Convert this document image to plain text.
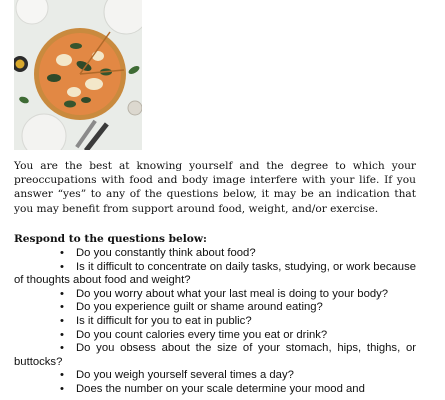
You are the best at knowing yourself and the degree to which your preoccupations with food and body image interfere with your life. If you answer “yes” to any of the questions below, it may be an indication that you may benefit from support around food, weight, and/or exercise.

Respond to the questions below:

• Do you constantly think about food?
• Is it difficult to concentrate on daily tasks, studying, or work because of thoughts about food and weight?
• Do you worry about what your last meal is doing to your body?
• Do you experience guilt or shame around eating?
• Is it difficult for you to eat in public?
• Do you count calories every time you eat or drink?
• Do you obsess about the size of your stomach, hips, thighs, or buttocks?
• Do you weigh yourself several times a day?
• Does the number on your scale determine your mood and
